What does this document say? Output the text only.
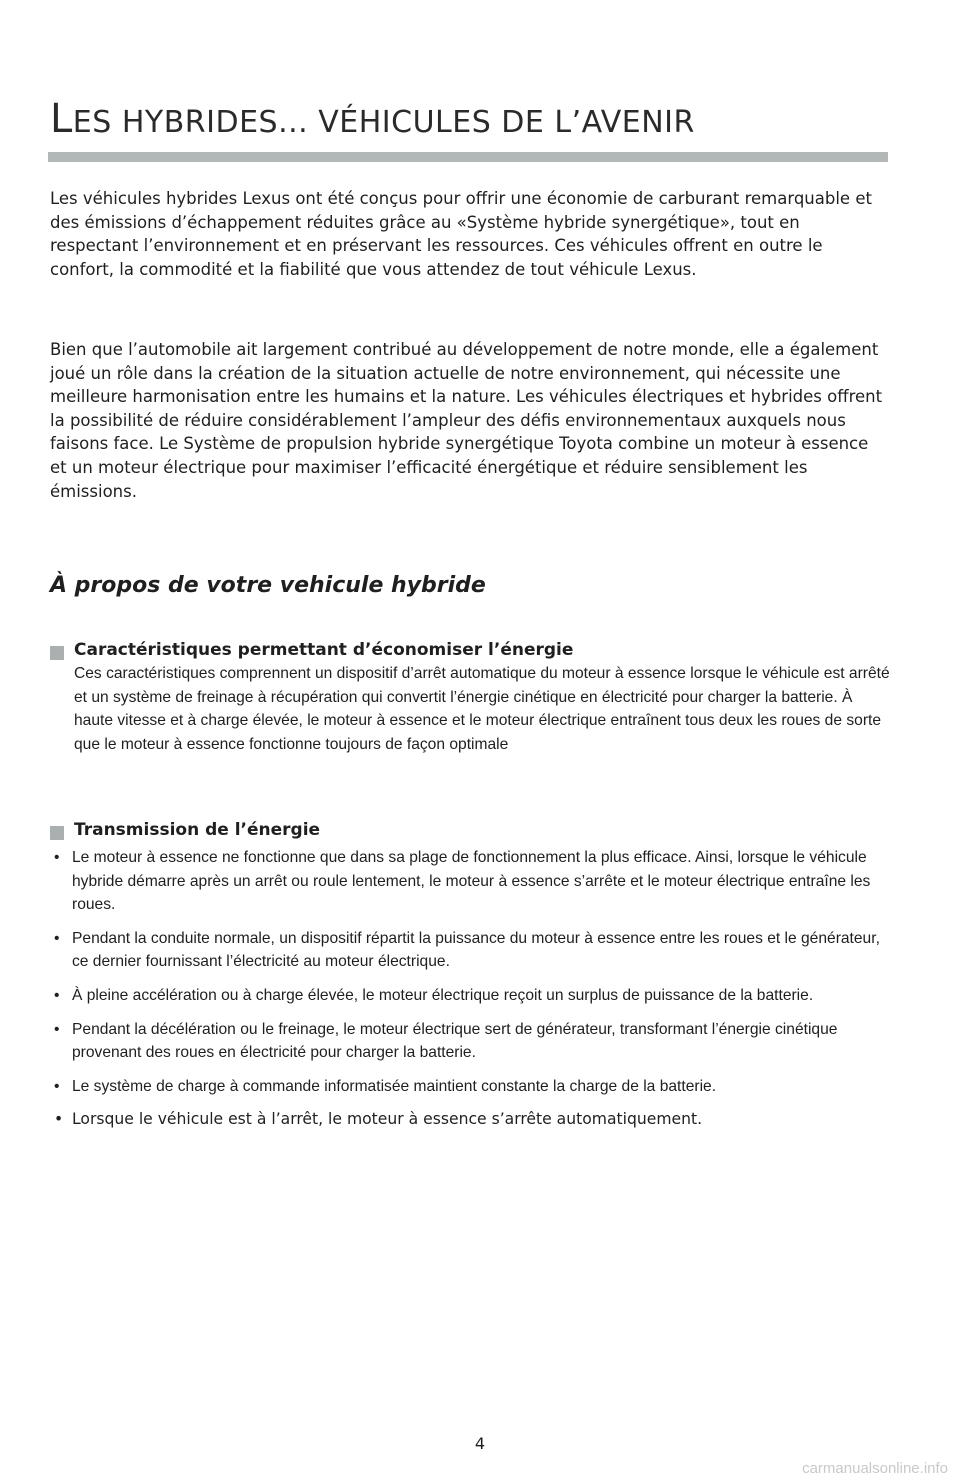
LES HYBRIDES... VÉHICULES DE L’AVENIR
Les véhicules hybrides Lexus ont été conçus pour offrir une économie de carburant remarquable et des émissions d’échappement réduites grâce au «Système hybride synergétique», tout en respectant l’environnement et en préservant les ressources. Ces véhicules offrent en outre le confort, la commodité et la fiabilité que vous attendez de tout véhicule Lexus.
Bien que l’automobile ait largement contribué au développement de notre monde, elle a également joué un rôle dans la création de la situation actuelle de notre environnement, qui nécessite une meilleure harmonisation entre les humains et la nature. Les véhicules électriques et hybrides offrent la possibilité de réduire considérablement l’ampleur des défis environnementaux auxquels nous faisons face. Le Système de propulsion hybride synergétique Toyota combine un moteur à essence et un moteur électrique pour maximiser l’efficacité énergétique et réduire sensiblement les émissions.
À propos de votre vehicule hybride
Caractéristiques permettant d’économiser l’énergie
Ces caractéristiques comprennent un dispositif d’arrêt automatique du moteur à essence lorsque le véhicule est arrêté et un système de freinage à récupération qui convertit l’énergie cinétique en électricité pour charger la batterie. À haute vitesse et à charge élevée, le moteur à essence et le moteur électrique entraînent tous deux les roues de sorte que le moteur à essence fonctionne toujours de façon optimale
Transmission de l’énergie
• Le moteur à essence ne fonctionne que dans sa plage de fonctionnement la plus efficace. Ainsi, lorsque le véhicule hybride démarre après un arrêt ou roule lentement, le moteur à essence s’arrête et le moteur électrique entraîne les roues.
• Pendant la conduite normale, un dispositif répartit la puissance du moteur à essence entre les roues et le générateur, ce dernier fournissant l’électricité au moteur électrique.
• À pleine accélération ou à charge élevée, le moteur électrique reçoit un surplus de puissance de la batterie.
• Pendant la décélération ou le freinage, le moteur électrique sert de générateur, transformant l’énergie cinétique provenant des roues en électricité pour charger la batterie.
• Le système de charge à commande informatisée maintient constante la charge de la batterie.
• Lorsque le véhicule est à l’arrêt, le moteur à essence s’arrête automatiquement.
4
carmanualsonline.info
